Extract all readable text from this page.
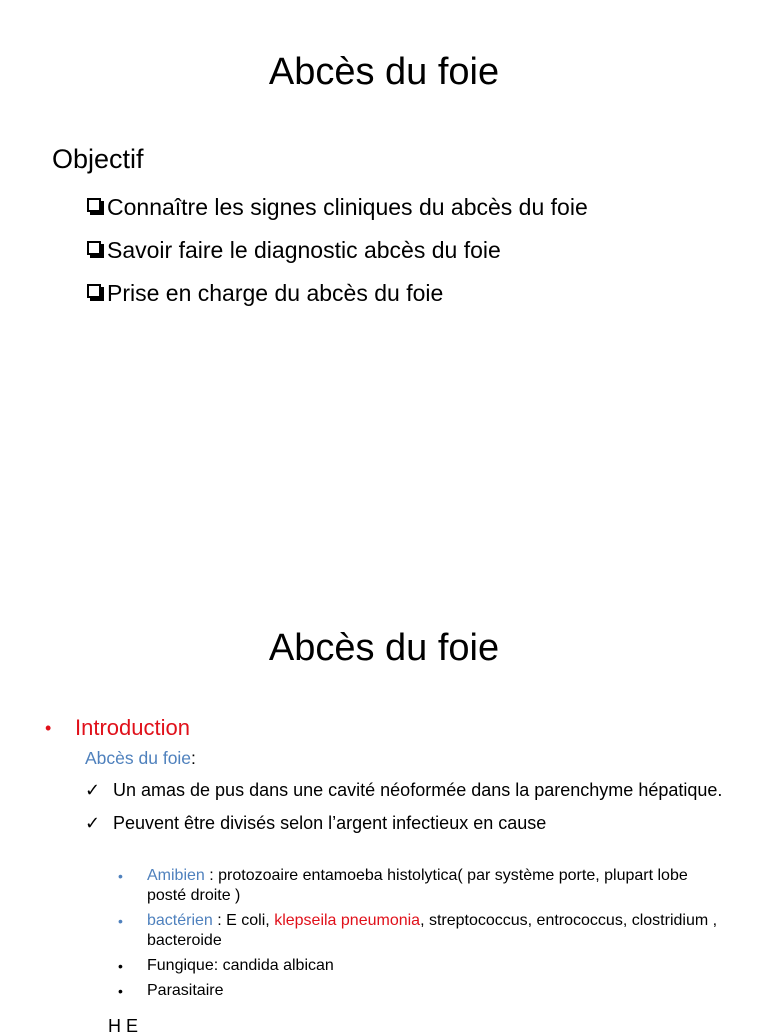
Abcès du foie
Objectif
Connaître les signes cliniques du abcès du foie
Savoir faire le diagnostic abcès du foie
Prise en charge du abcès du foie
Abcès du foie
•	Introduction
Abcès du foie:
✓ Un amas de pus dans une cavité néoformée dans la parenchyme hépatique.
✓ Peuvent être divisés selon l’argent infectieux en cause
•	Amibien : protozoaire entamoeba histolytica( par système porte, plupart lobe posté droite )
•	bactérien : E coli, klepseila pneumonia, streptococcus, entrococcus, clostridium , bacteroide
•	Fungique: candida albican
•	Parasitaire
H E
